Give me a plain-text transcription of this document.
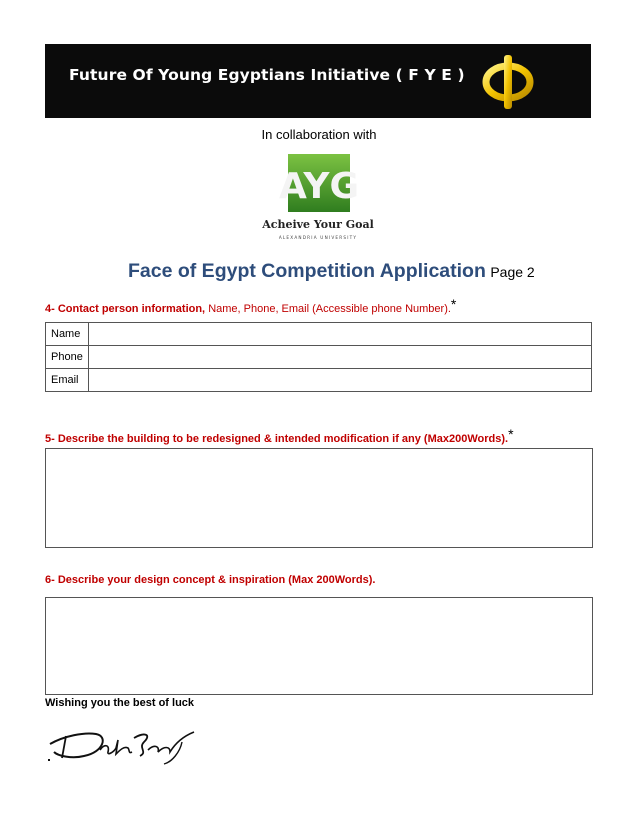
Future Of Young Egyptians Initiative ( F Y E )
In collaboration with
AYG
Acheive Your Goal
ALEXANDRIA UNIVERSITY
Face of Egypt Competition Application Page 2
4- Contact person information, Name, Phone, Email (Accessible phone Number).*
Name	
Phone	
Email	
5- Describe the building to be redesigned & intended modification if any (Max200Words).*
6- Describe your design concept & inspiration (Max 200Words).
Wishing you the best of luck
